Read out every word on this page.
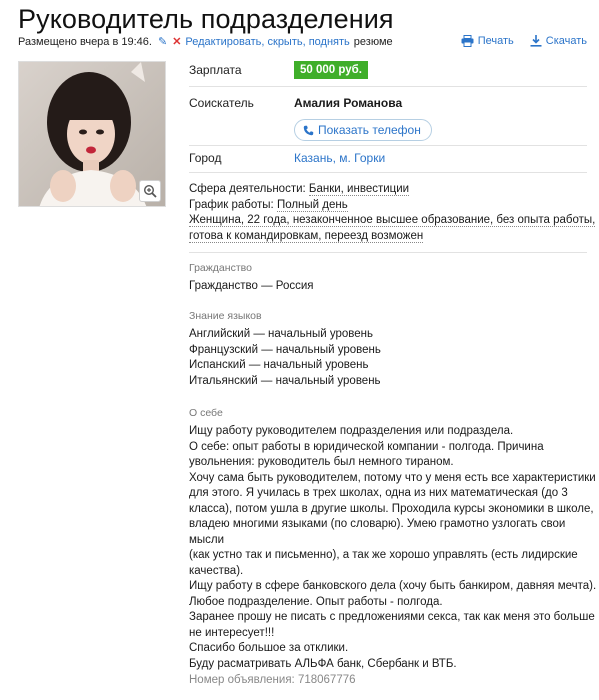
Руководитель подразделения
Размещено вчера в 19:46. ✎ ✕ Редактировать, скрыть, поднять резюме	Печать	Скачать
Зарплата	50 000 руб.
Соискатель	Амалия Романова
Показать телефон
Город	Казань, м. Горки
Сфера деятельности: Банки, инвестиции
График работы: Полный день
Женщина, 22 года, незаконченное высшее образование, без опыта работы,
готова к командировкам, переезд возможен
Гражданство
Гражданство — Россия
Знание языков
Английский — начальный уровень
Французский — начальный уровень
Испанский — начальный уровень
Итальянский — начальный уровень
О себе
Ищу работу руководителем подразделения или подраздела.
О себе: опыт работы в юридической компании - полгода. Причина
увольнения: руководитель был немного тираном.
Хочу сама быть руководителем, потому что у меня есть все характеристики
для этого. Я училась в трех школах, одна из них математическая (до 3
класса), потом ушла в другие школы. Проходила курсы экономики в школе,
владею многими языками (по словарю). Умею грамотно узлогать свои мысли
(как устно так и письменно), а так же хорошо управлять (есть лидирские
качества).
Ищу работу в сфере банковского дела (хочу быть банкиром, давняя мечта).
Любое подразделение. Опыт работы - полгода.
Заранее прошу не писать с предложениями секса, так как меня это больше
не интересует!!!
Спасибо большое за отклики.
Буду расматривать АЛЬФА банк, Сбербанк и ВТБ.
Номер объявления: 718067776
